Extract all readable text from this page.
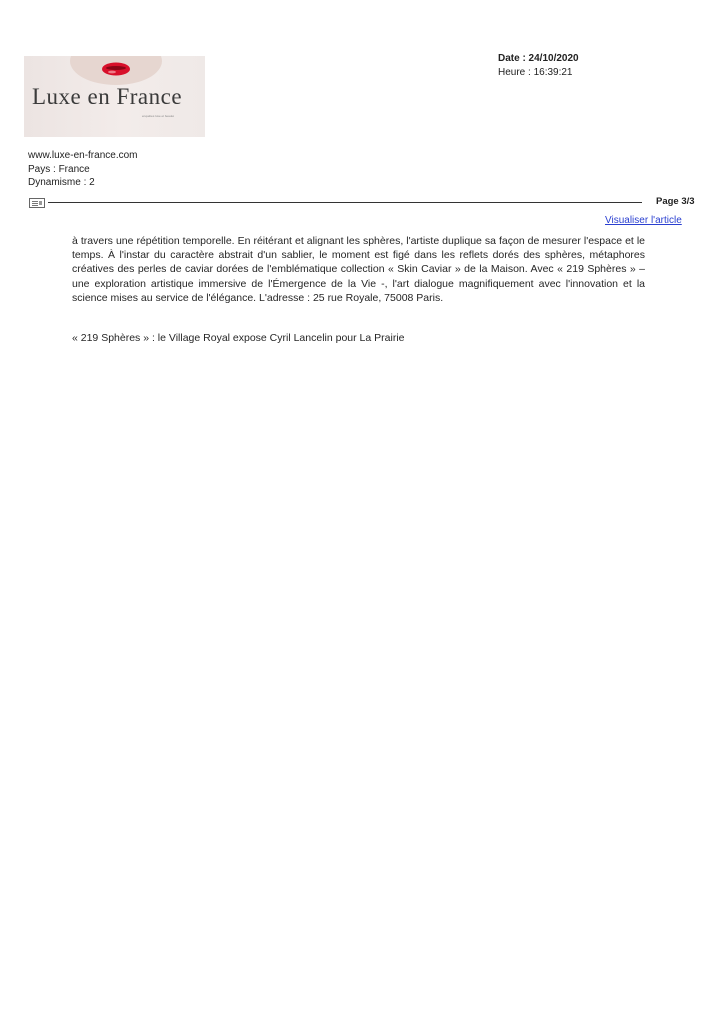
Luxe en France
enquêtes luxe et beauté
Date : 24/10/2020
Heure : 16:39:21
www.luxe-en-france.com
Pays : France
Dynamisme : 2
Page 3/3
Visualiser l'article

à travers une répétition temporelle. En réitérant et alignant les sphères, l'artiste duplique sa façon de mesurer l'espace et le temps. À l'instar du caractère abstrait d'un sablier, le moment est figé dans les reflets dorés des sphères, métaphores créatives des perles de caviar dorées de l'emblématique collection « Skin Caviar » de la Maison. Avec « 219 Sphères » – une exploration artistique immersive de l'Émergence de la Vie -, l'art dialogue magnifiquement avec l'innovation et la science mises au service de l'élégance. L'adresse : 25 rue Royale, 75008 Paris.

« 219 Sphères » : le Village Royal expose Cyril Lancelin pour La Prairie
